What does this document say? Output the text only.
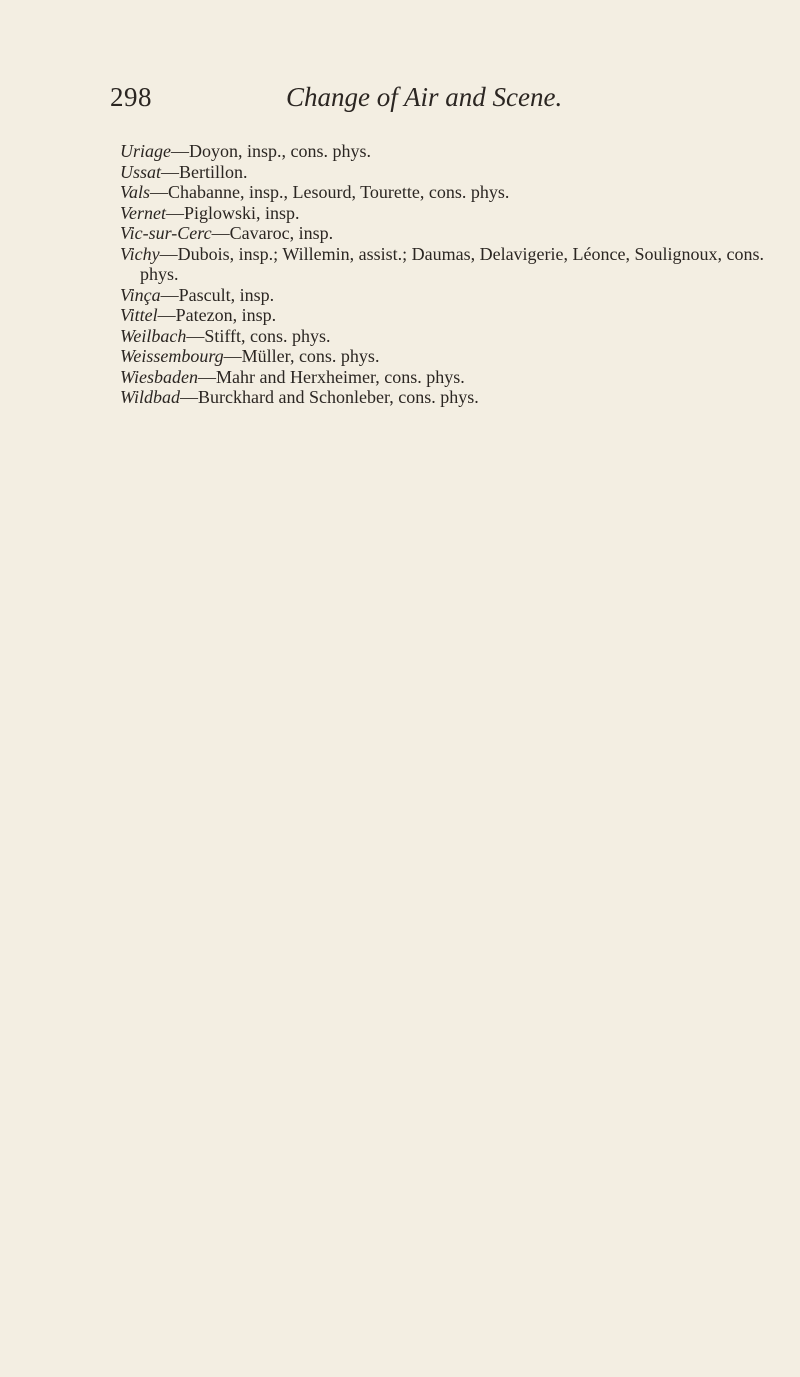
298	Change of Air and Scene.

Uriage—Doyon, insp., cons. phys.

Ussat—Bertillon.

Vals—Chabanne, insp., Lesourd, Tourette, cons. phys.

Vernet—Piglowski, insp.

Vic-sur-Cerc—Cavaroc, insp.

Vichy—Dubois, insp.; Willemin, assist.; Daumas, Delavigerie, Léonce, Soulignoux, cons. phys.

Vinça—Pascult, insp.

Vittel—Patezon, insp.

Weilbach—Stifft, cons. phys.

Weissembourg—Müller, cons. phys.

Wiesbaden—Mahr and Herxheimer, cons. phys.

Wildbad—Burckhard and Schonleber, cons. phys.
